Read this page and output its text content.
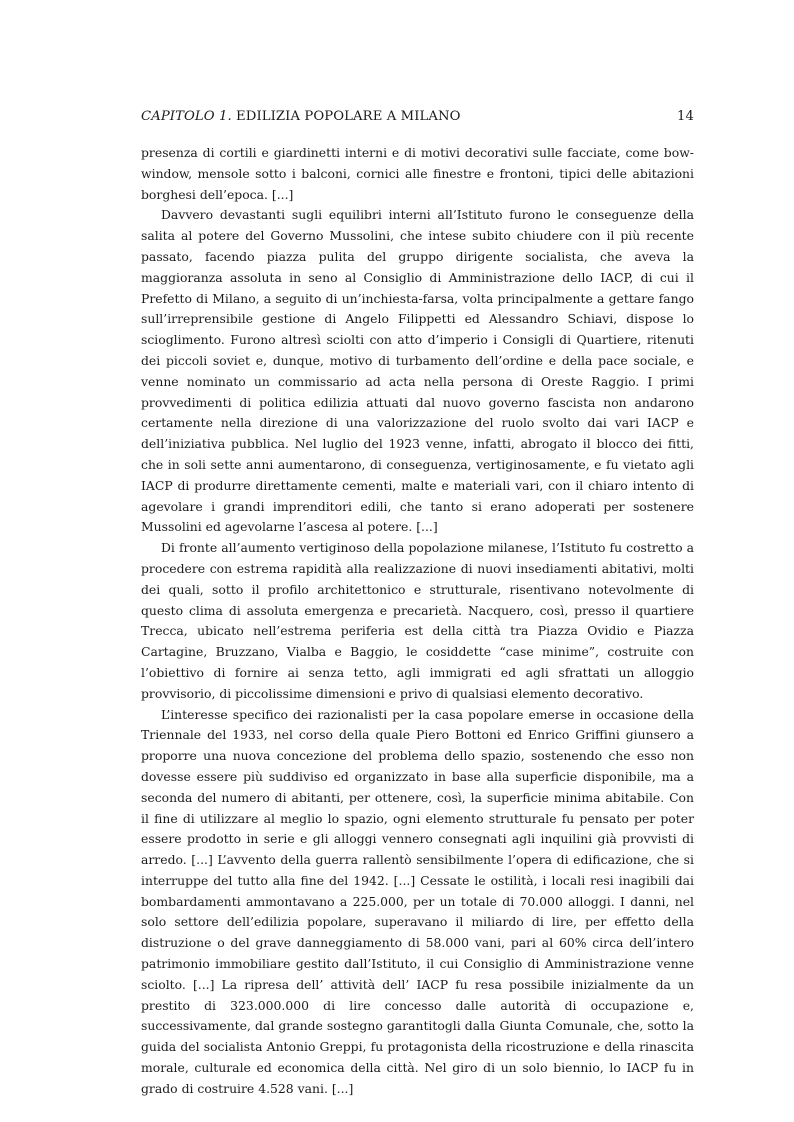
CAPITOLO 1. EDILIZIA POPOLARE A MILANO	14

presenza di cortili e giardinetti interni e di motivi decorativi sulle facciate, come bow-window, mensole sotto i balconi, cornici alle finestre e frontoni, tipici delle abitazioni borghesi dell’epoca. [...]

Davvero devastanti sugli equilibri interni all’Istituto furono le conseguenze della salita al potere del Governo Mussolini, che intese subito chiudere con il più recente passato, facendo piazza pulita del gruppo dirigente socialista, che aveva la maggioranza assoluta in seno al Consiglio di Amministrazione dello IACP, di cui il Prefetto di Milano, a seguito di un’inchiesta-farsa, volta principalmente a gettare fango sull’irreprensibile gestione di Angelo Filippetti ed Alessandro Schiavi, dispose lo scioglimento. Furono altresì sciolti con atto d’imperio i Consigli di Quartiere, ritenuti dei piccoli soviet e, dunque, motivo di turbamento dell’ordine e della pace sociale, e venne nominato un commissario ad acta nella persona di Oreste Raggio. I primi provvedimenti di politica edilizia attuati dal nuovo governo fascista non andarono certamente nella direzione di una valorizzazione del ruolo svolto dai vari IACP e dell’iniziativa pubblica. Nel luglio del 1923 venne, infatti, abrogato il blocco dei fitti, che in soli sette anni aumentarono, di conseguenza, vertiginosamente, e fu vietato agli IACP di produrre direttamente cementi, malte e materiali vari, con il chiaro intento di agevolare i grandi imprenditori edili, che tanto si erano adoperati per sostenere Mussolini ed agevolarne l’ascesa al potere. [...]

Di fronte all’aumento vertiginoso della popolazione milanese, l’Istituto fu costretto a procedere con estrema rapidità alla realizzazione di nuovi insediamenti abitativi, molti dei quali, sotto il profilo architettonico e strutturale, risentivano notevolmente di questo clima di assoluta emergenza e precarietà. Nacquero, così, presso il quartiere Trecca, ubicato nell’estrema periferia est della città tra Piazza Ovidio e Piazza Cartagine, Bruzzano, Vialba e Baggio, le cosiddette “case minime”, costruite con l’obiettivo di fornire ai senza tetto, agli immigrati ed agli sfrattati un alloggio provvisorio, di piccolissime dimensioni e privo di qualsiasi elemento decorativo.

L’interesse specifico dei razionalisti per la casa popolare emerse in occasione della Triennale del 1933, nel corso della quale Piero Bottoni ed Enrico Griffini giunsero a proporre una nuova concezione del problema dello spazio, sostenendo che esso non dovesse essere più suddiviso ed organizzato in base alla superficie disponibile, ma a seconda del numero di abitanti, per ottenere, così, la superficie minima abitabile. Con il fine di utilizzare al meglio lo spazio, ogni elemento strutturale fu pensato per poter essere prodotto in serie e gli alloggi vennero consegnati agli inquilini già provvisti di arredo. [...] L’avvento della guerra rallentò sensibilmente l’opera di edificazione, che si interruppe del tutto alla fine del 1942. [...] Cessate le ostilità, i locali resi inagibili dai bombardamenti ammontavano a 225.000, per un totale di 70.000 alloggi. I danni, nel solo settore dell’edilizia popolare, superavano il miliardo di lire, per effetto della distruzione o del grave danneggiamento di 58.000 vani, pari al 60% circa dell’intero patrimonio immobiliare gestito dall’Istituto, il cui Consiglio di Amministrazione venne sciolto. [...] La ripresa dell’ attività dell’ IACP fu resa possibile inizialmente da un prestito di 323.000.000 di lire concesso dalle autorità di occupazione e, successivamente, dal grande sostegno garantitogli dalla Giunta Comunale, che, sotto la guida del socialista Antonio Greppi, fu protagonista della ricostruzione e della rinascita morale, culturale ed economica della città. Nel giro di un solo biennio, lo IACP fu in grado di costruire 4.528 vani. [...]
